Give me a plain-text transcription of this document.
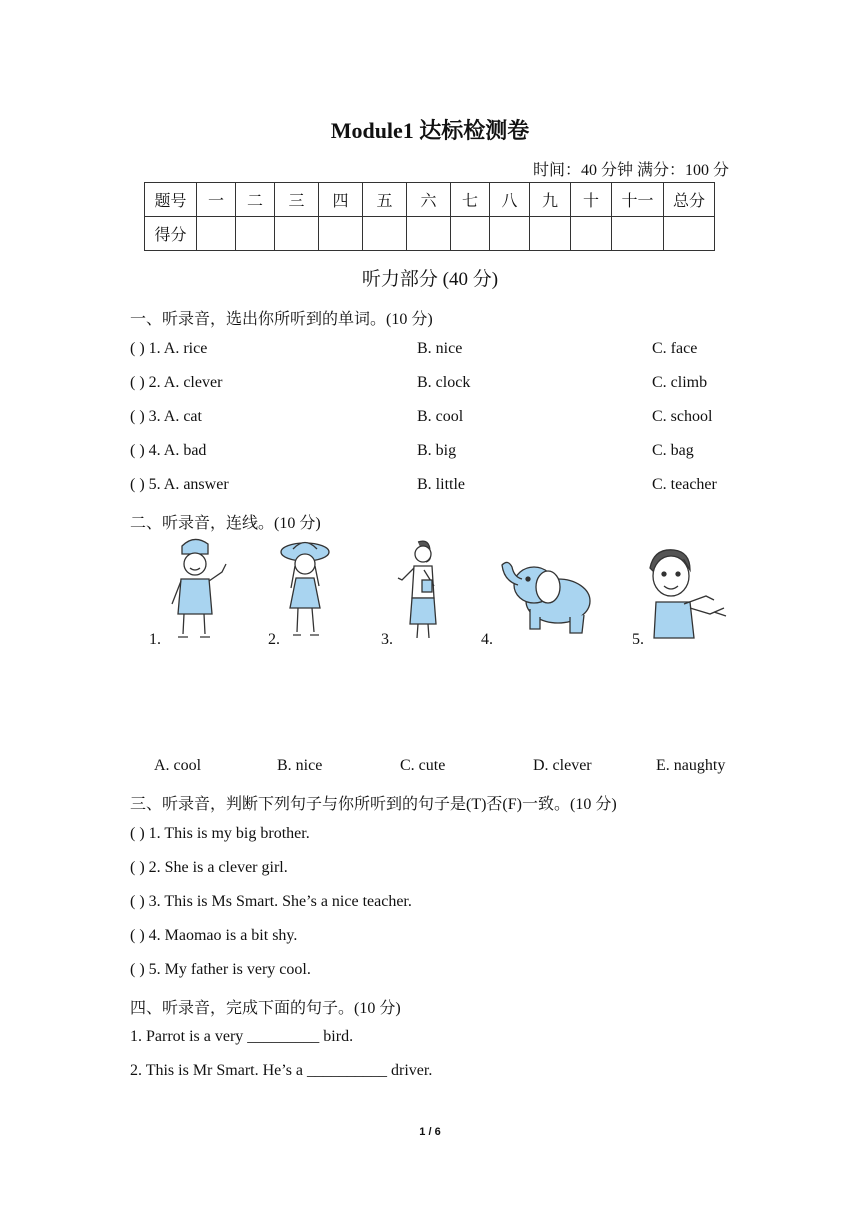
Module1 达标检测卷
时间：40 分钟 满分：100 分
题号	一	二	三	四	五	六	七	八	九	十	十一	总分
得分												
听力部分 (40 分)
一、听录音，选出你所听到的单词。(10 分)
( ) 1. A. rice	B. nice	C. face
( ) 2. A. clever	B. clock	C. climb
( ) 3. A. cat	B. cool	C. school
( ) 4. A. bad	B. big	C. bag
( ) 5. A. answer	B. little	C. teacher
二、听录音，连线。(10 分)
1.	2.	3.	4.	5.
A. cool	B. nice	C. cute	D. clever	E. naughty
三、听录音，判断下列句子与你所听到的句子是(T)否(F)一致。(10 分)
( ) 1. This is my big brother.
( ) 2. She is a clever girl.
( ) 3. This is Ms Smart. She’s a nice teacher.
( ) 4. Maomao is a bit shy.
( ) 5. My father is very cool.
四、听录音，完成下面的句子。(10 分)
1. Parrot is a very _________ bird.
2. This is Mr Smart. He’s a __________ driver.
1 / 6
